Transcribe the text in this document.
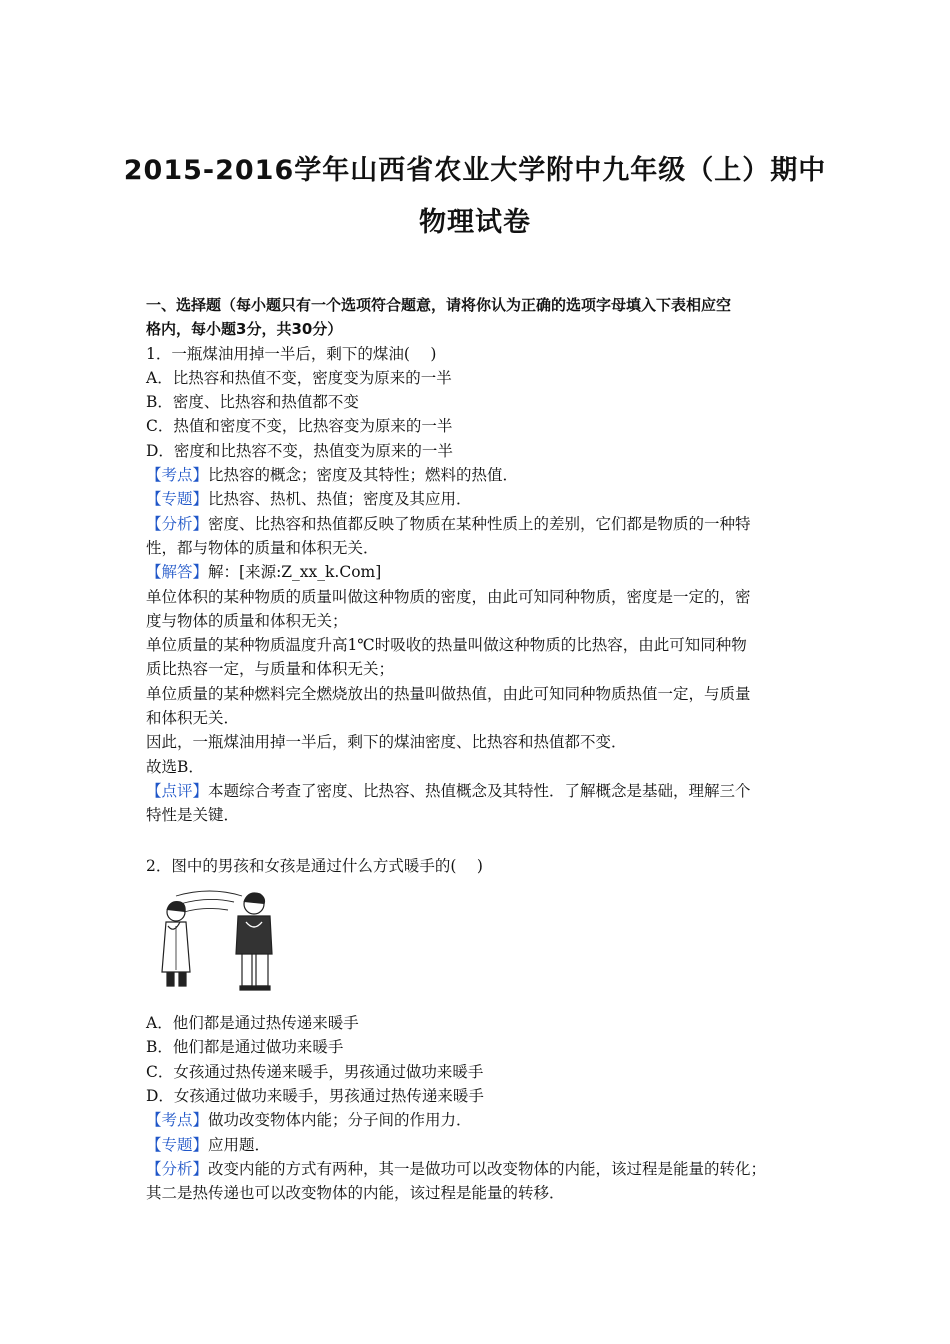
2015-2016学年山西省农业大学附中九年级（上）期中
物理试卷

一、选择题（每小题只有一个选项符合题意，请将你认为正确的选项字母填入下表相应空

格内，每小题3分，共30分）

1．一瓶煤油用掉一半后，剩下的煤油(　 )

A．比热容和热值不变，密度变为原来的一半

B．密度、比热容和热值都不变

C．热值和密度不变，比热容变为原来的一半

D．密度和比热容不变，热值变为原来的一半

【考点】比热容的概念；密度及其特性；燃料的热值．

【专题】比热容、热机、热值；密度及其应用．

【分析】密度、比热容和热值都反映了物质在某种性质上的差别，它们都是物质的一种特

性，都与物体的质量和体积无关．

【解答】解：[来源:Z_xx_k.Com]

单位体积的某种物质的质量叫做这种物质的密度，由此可知同种物质，密度是一定的，密

度与物体的质量和体积无关；

单位质量的某种物质温度升高1℃时吸收的热量叫做这种物质的比热容，由此可知同种物

质比热容一定，与质量和体积无关；

单位质量的某种燃料完全燃烧放出的热量叫做热值，由此可知同种物质热值一定，与质量

和体积无关．

因此，一瓶煤油用掉一半后，剩下的煤油密度、比热容和热值都不变．

故选B．

【点评】本题综合考查了密度、比热容、热值概念及其特性．了解概念是基础，理解三个

特性是关键．

2．图中的男孩和女孩是通过什么方式暖手的(　 )

A．他们都是通过热传递来暖手

B．他们都是通过做功来暖手

C．女孩通过热传递来暖手，男孩通过做功来暖手

D．女孩通过做功来暖手，男孩通过热传递来暖手

【考点】做功改变物体内能；分子间的作用力．

【专题】应用题．

【分析】改变内能的方式有两种，其一是做功可以改变物体的内能，该过程是能量的转化；

其二是热传递也可以改变物体的内能，该过程是能量的转移．
